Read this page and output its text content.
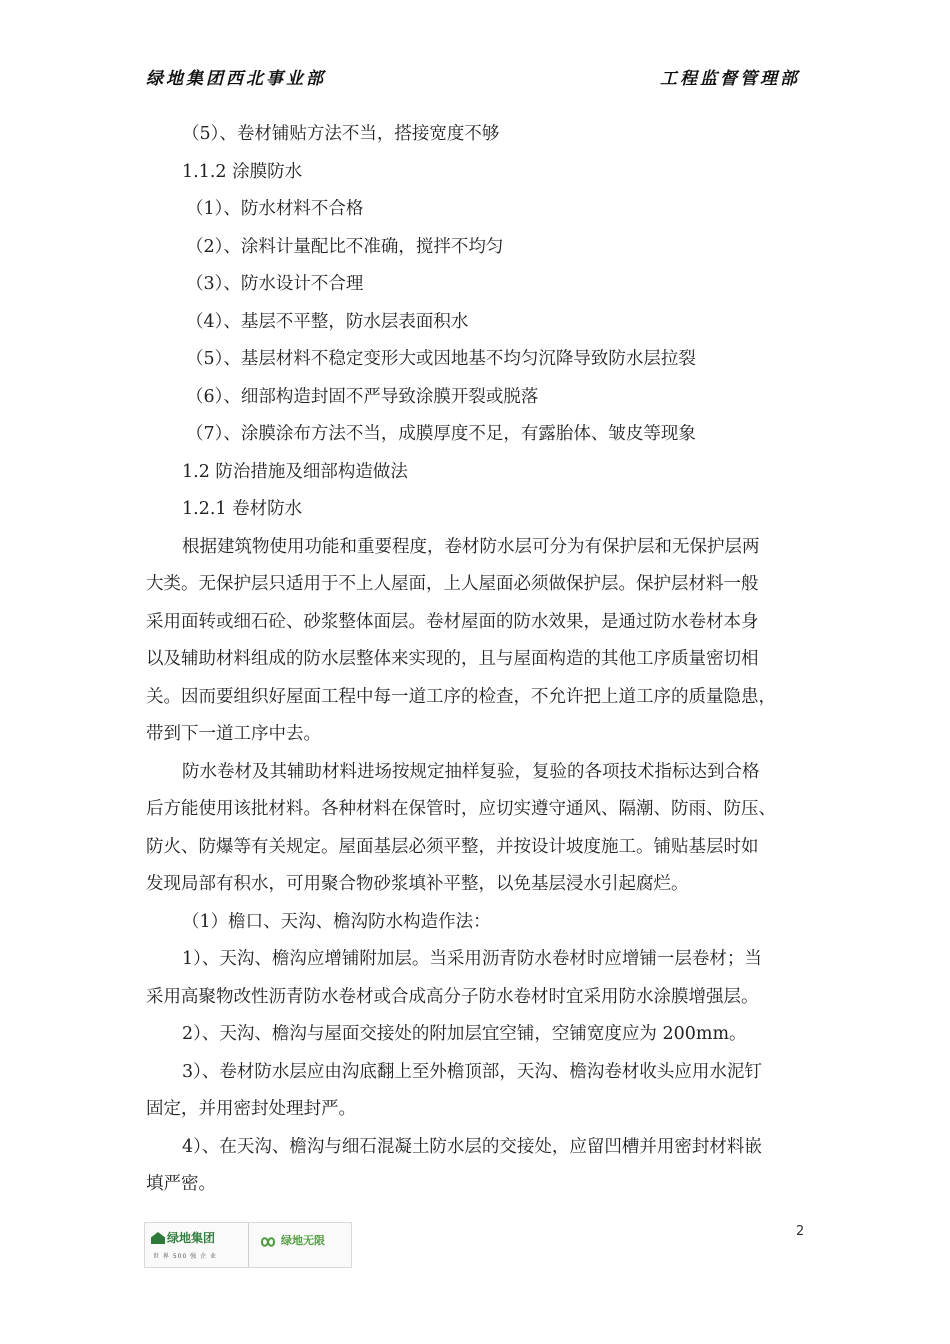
绿地集团西北事业部	工程监督管理部
（5）、卷材铺贴方法不当，搭接宽度不够
1.1.2 涂膜防水
（1）、防水材料不合格
（2）、涂料计量配比不准确，搅拌不均匀
（3）、防水设计不合理
（4）、基层不平整，防水层表面积水
（5）、基层材料不稳定变形大或因地基不均匀沉降导致防水层拉裂
（6）、细部构造封固不严导致涂膜开裂或脱落
（7）、涂膜涂布方法不当，成膜厚度不足，有露胎体、皱皮等现象
1.2 防治措施及细部构造做法
1.2.1 卷材防水
根据建筑物使用功能和重要程度，卷材防水层可分为有保护层和无保护层两
大类。无保护层只适用于不上人屋面，上人屋面必须做保护层。保护层材料一般
采用面转或细石砼、砂浆整体面层。卷材屋面的防水效果，是通过防水卷材本身
以及辅助材料组成的防水层整体来实现的，且与屋面构造的其他工序质量密切相
关。因而要组织好屋面工程中每一道工序的检查，不允许把上道工序的质量隐患，
带到下一道工序中去。
防水卷材及其辅助材料进场按规定抽样复验，复验的各项技术指标达到合格
后方能使用该批材料。各种材料在保管时，应切实遵守通风、隔潮、防雨、防压、
防火、防爆等有关规定。屋面基层必须平整，并按设计坡度施工。铺贴基层时如
发现局部有积水，可用聚合物砂浆填补平整，以免基层浸水引起腐烂。
（1）檐口、天沟、檐沟防水构造作法：
1）、天沟、檐沟应增铺附加层。当采用沥青防水卷材时应增铺一层卷材；当
采用高聚物改性沥青防水卷材或合成高分子防水卷材时宜采用防水涂膜增强层。
2）、天沟、檐沟与屋面交接处的附加层宜空铺，空铺宽度应为 200mm。
3）、卷材防水层应由沟底翻上至外檐顶部，天沟、檐沟卷材收头应用水泥钉
固定，并用密封处理封严。
4）、在天沟、檐沟与细石混凝土防水层的交接处，应留凹槽并用密封材料嵌
填严密。
2
绿地集团
世 界 500 强 企 业
绿地无限
